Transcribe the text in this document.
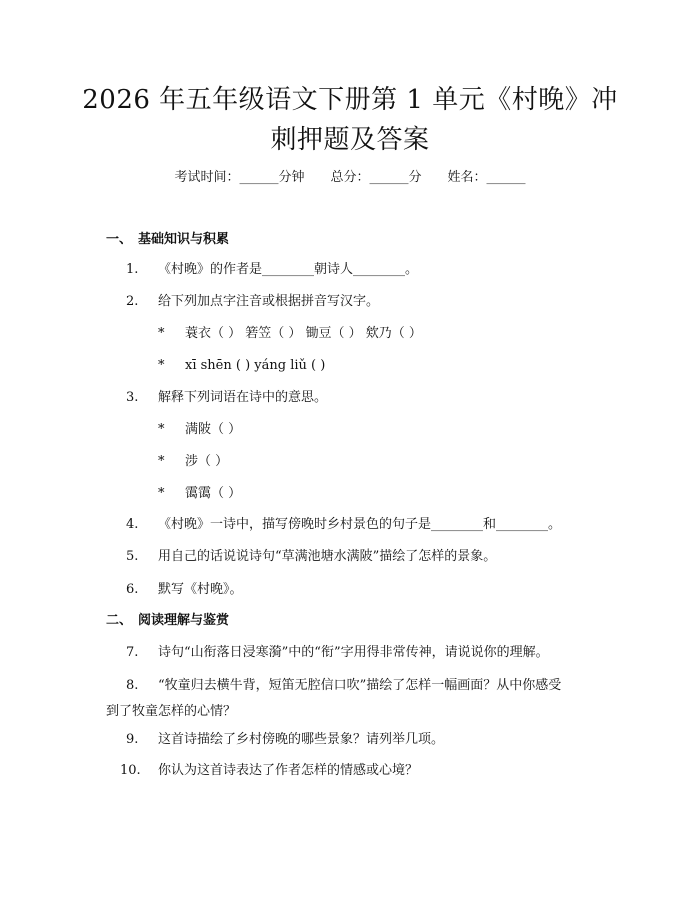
2026 年五年级语文下册第 1 单元《村晚》冲
刺押题及答案
考试时间：______分钟 总分：______分 姓名：______
一、 基础知识与积累
1. 《村晚》的作者是________朝诗人________。
2. 给下列加点字注音或根据拼音写汉字。
* 蓑衣（ ） 箬笠（ ） 锄豆（ ） 欸乃（ ）
* xī shēn ( ) yáng liǔ ( )
3. 解释下列词语在诗中的意思。
* 满陂（ ）
* 涉（ ）
* 霭霭（ ）
4. 《村晚》一诗中，描写傍晚时乡村景色的句子是________和________。
5. 用自己的话说说诗句“草满池塘水满陂”描绘了怎样的景象。
6. 默写《村晚》。
二、 阅读理解与鉴赏
7. 诗句“山衔落日浸寒漪”中的“衔”字用得非常传神，请说说你的理解。
8. “牧童归去横牛背，短笛无腔信口吹”描绘了怎样一幅画面？从中你感受
到了牧童怎样的心情？
9. 这首诗描绘了乡村傍晚的哪些景象？请列举几项。
10. 你认为这首诗表达了作者怎样的情感或心境？
